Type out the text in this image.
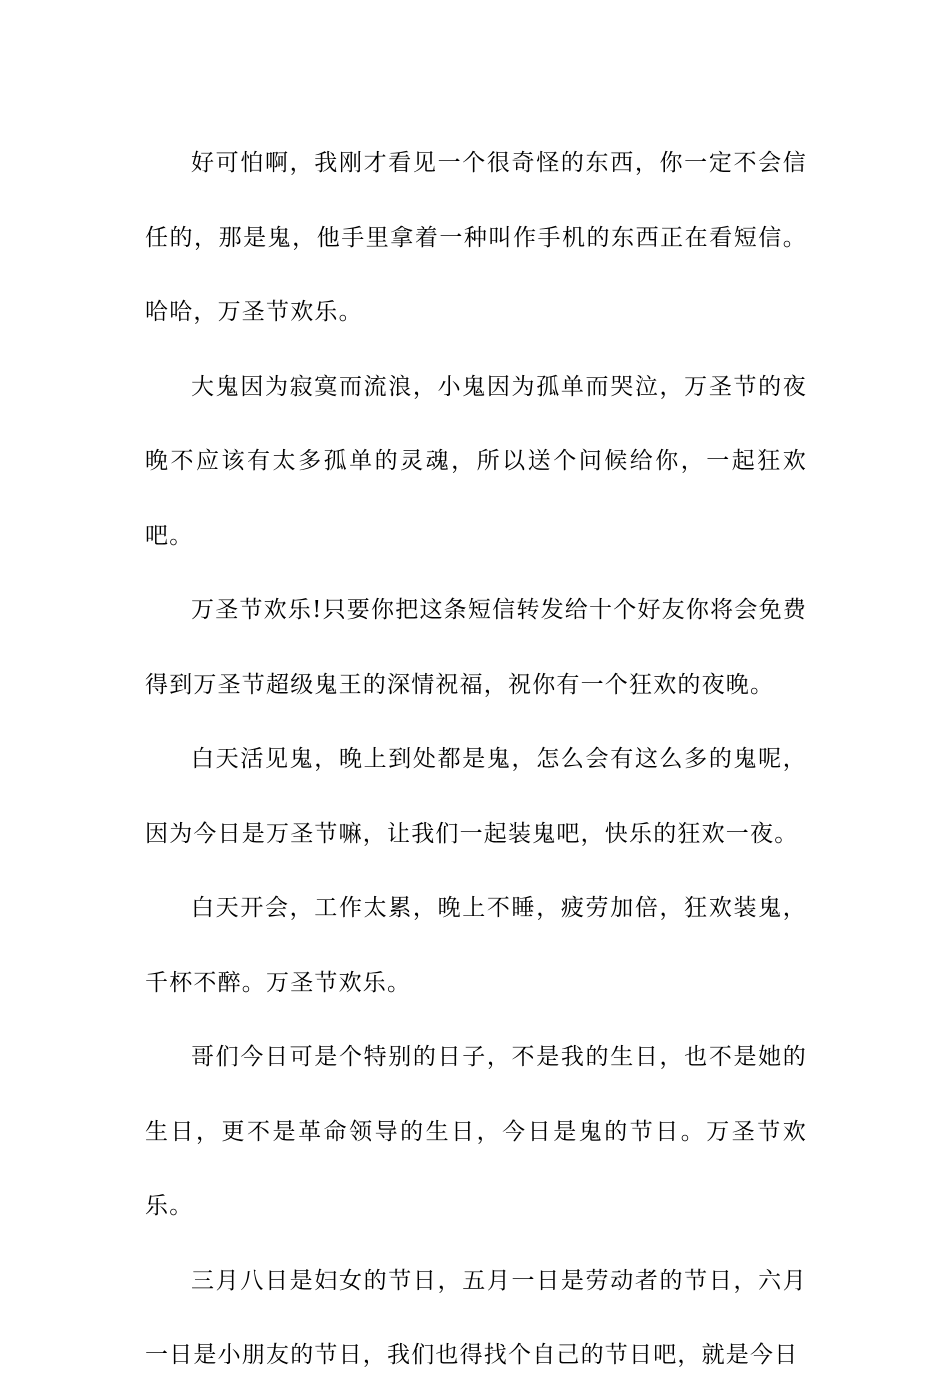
好可怕啊，我刚才看见一个很奇怪的东西，你一定不会信任的，那是鬼，他手里拿着一种叫作手机的东西正在看短信。哈哈，万圣节欢乐。

大鬼因为寂寞而流浪，小鬼因为孤单而哭泣，万圣节的夜晚不应该有太多孤单的灵魂，所以送个问候给你，一起狂欢吧。

万圣节欢乐!只要你把这条短信转发给十个好友你将会免费得到万圣节超级鬼王的深情祝福，祝你有一个狂欢的夜晚。

白天活见鬼，晚上到处都是鬼，怎么会有这么多的鬼呢，因为今日是万圣节嘛，让我们一起装鬼吧，快乐的狂欢一夜。

白天开会，工作太累，晚上不睡，疲劳加倍，狂欢装鬼，千杯不醉。万圣节欢乐。

哥们今日可是个特别的日子，不是我的生日，也不是她的生日，更不是革命领导的生日，今日是鬼的节日。万圣节欢乐。

三月八日是妇女的节日，五月一日是劳动者的节日，六月一日是小朋友的节日，我们也得找个自己的节日吧，就是今日
